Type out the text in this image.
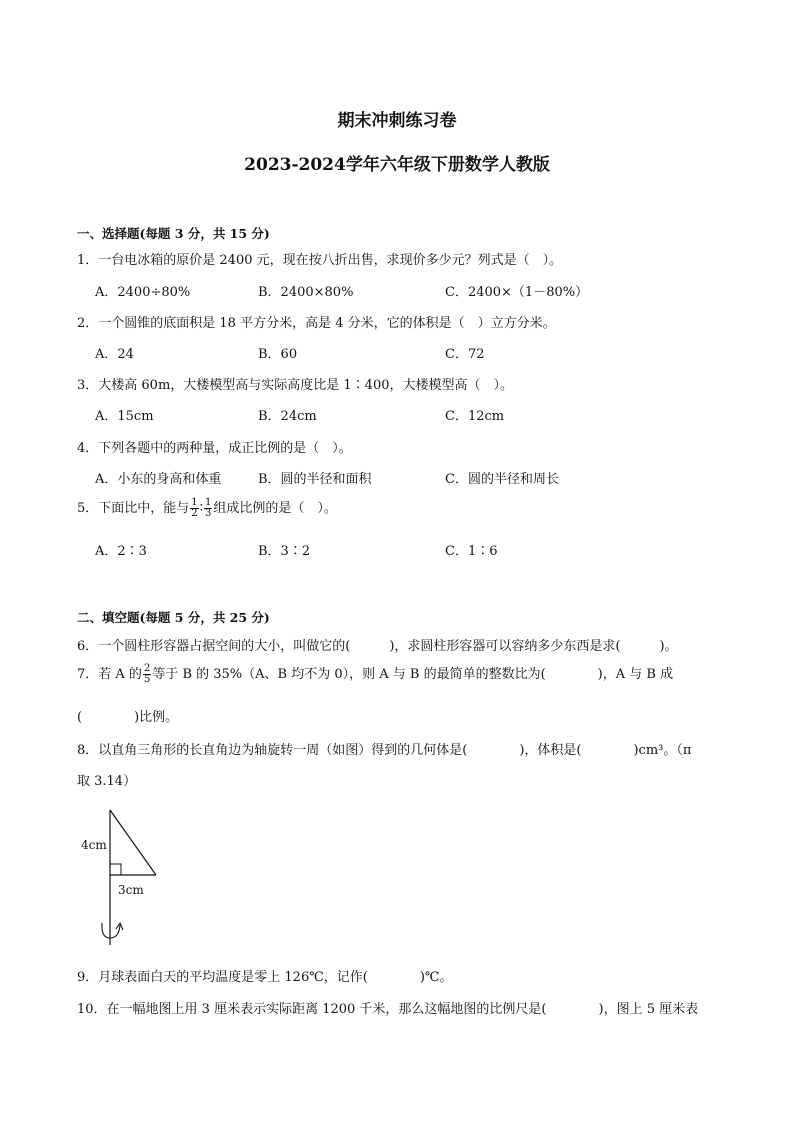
期末冲刺练习卷
2023-2024学年六年级下册数学人教版
一、选择题(每题 3 分，共 15 分)
1．一台电冰箱的原价是 2400 元，现在按八折出售，求现价多少元？列式是（　）。
A．2400÷80%	B．2400×80%	C．2400×（1－80%）
2．一个圆锥的底面积是 18 平方分米，高是 4 分米，它的体积是（　）立方分米。
A．24	B．60	C．72
3．大楼高 60m，大楼模型高与实际高度比是 1∶400，大楼模型高（　）。
A．15cm	B．24cm	C．12cm
4．下列各题中的两种量，成正比例的是（　）。
A．小东的身高和体重	B．圆的半径和面积	C．圆的半径和周长
5．下面比中，能与 $\frac{1}{2}$ ∶ $\frac{1}{3}$ 组成比例的是（　）。
A．2∶3	B．3∶2	C．1∶6
二、填空题(每题 5 分，共 25 分)
6．一个圆柱形容器占据空间的大小，叫做它的(　　　)，求圆柱形容器可以容纳多少东西是求(　　　)。
7．若 A 的 $\frac{2}{5}$ 等于 B 的 35%（A、B 均不为 0），则 A 与 B 的最简单的整数比为(　　　　)，A 与 B 成
(　　　　)比例。
8．以直角三角形的长直角边为轴旋转一周（如图）得到的几何体是(　　　　)，体积是(　　　　)cm³。（π
取 3.14）
4cm
3cm
9．月球表面白天的平均温度是零上 126℃，记作(　　　　)℃。
10．在一幅地图上用 3 厘米表示实际距离 1200 千米，那么这幅地图的比例尺是(　　　　)，图上 5 厘米表
